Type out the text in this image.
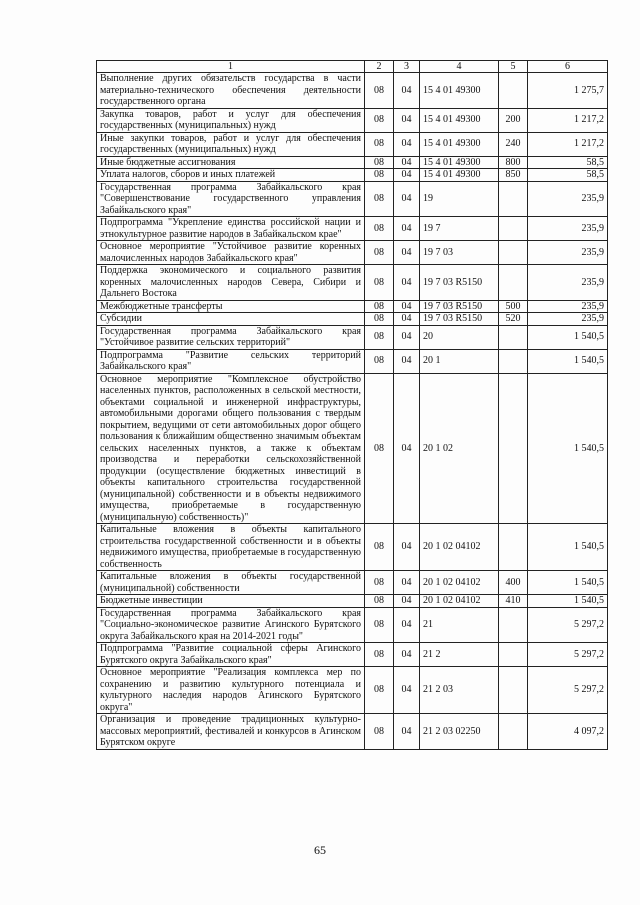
1	2	3	4	5	6
Выполнение других обязательств государства в части материально-технического обеспечения деятельности государственного органа	08	04	15 4 01 49300		1 275,7
Закупка товаров, работ и услуг для обеспечения государственных (муниципальных) нужд	08	04	15 4 01 49300	200	1 217,2
Иные закупки товаров, работ и услуг для обеспечения государственных (муниципальных) нужд	08	04	15 4 01 49300	240	1 217,2
Иные бюджетные ассигнования	08	04	15 4 01 49300	800	58,5
Уплата налогов, сборов и иных платежей	08	04	15 4 01 49300	850	58,5
Государственная программа Забайкальского края "Совершенствование государственного управления Забайкальского края"	08	04	19		235,9
Подпрограмма "Укрепление единства российской нации и этнокультурное развитие народов в Забайкальском крае"	08	04	19 7		235,9
Основное мероприятие "Устойчивое развитие коренных малочисленных народов Забайкальского края"	08	04	19 7 03		235,9
Поддержка экономического и социального развития коренных малочисленных народов Севера, Сибири и Дальнего Востока	08	04	19 7 03 R5150		235,9
Межбюджетные трансферты	08	04	19 7 03 R5150	500	235,9
Субсидии	08	04	19 7 03 R5150	520	235,9
Государственная программа Забайкальского края "Устойчивое развитие сельских территорий"	08	04	20		1 540,5
Подпрограмма "Развитие сельских территорий Забайкальского края"	08	04	20 1		1 540,5
Основное мероприятие "Комплексное обустройство населенных пунктов, расположенных в сельской местности, объектами социальной и инженерной инфраструктуры, автомобильными дорогами общего пользования с твердым покрытием, ведущими от сети автомобильных дорог общего пользования к ближайшим общественно значимым объектам сельских населенных пунктов, а также к объектам производства и переработки сельскохозяйственной продукции (осуществление бюджетных инвестиций в объекты капитального строительства государственной (муниципальной) собственности и в объекты недвижимого имущества, приобретаемые в государственную (муниципальную) собственность)"	08	04	20 1 02		1 540,5
Капитальные вложения в объекты капитального строительства государственной собственности и в объекты недвижимого имущества, приобретаемые в государственную собственность	08	04	20 1 02 04102		1 540,5
Капитальные вложения в объекты государственной (муниципальной) собственности	08	04	20 1 02 04102	400	1 540,5
Бюджетные инвестиции	08	04	20 1 02 04102	410	1 540,5
Государственная программа Забайкальского края "Социально-экономическое развитие Агинского Бурятского округа Забайкальского края на 2014-2021 годы"	08	04	21		5 297,2
Подпрограмма "Развитие социальной сферы Агинского Бурятского округа Забайкальского края"	08	04	21 2		5 297,2
Основное мероприятие "Реализация комплекса мер по сохранению и развитию культурного потенциала и культурного наследия народов Агинского Бурятского округа"	08	04	21 2 03		5 297,2
Организация и проведение традиционных культурно-массовых мероприятий, фестивалей и конкурсов в Агинском Бурятском округе	08	04	21 2 03 02250		4 097,2
65
